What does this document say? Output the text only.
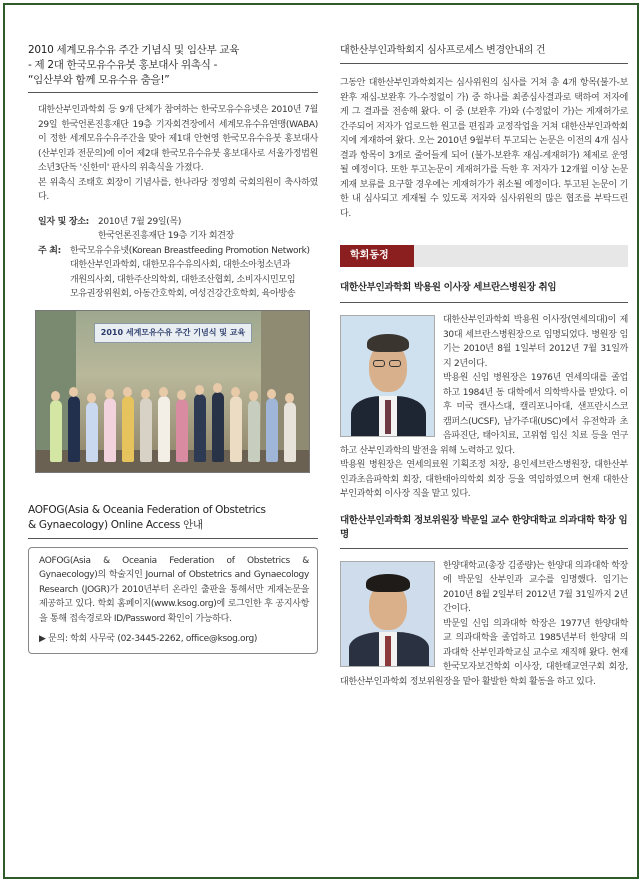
2010 세계모유수유 주간 기념식 및 임산부 교육
- 제 2대 한국모유수유붓 홍보대사 위촉식 -
“임산부와 함께 모유수유 춤을!”
대한산부인과학회 등 9개 단체가 참여하는 한국모유수유넷은 2010년 7월 29일 한국언론진흥재단 19층 기자회견장에서 세계모유수유연맹(WABA)이 정한 세계모유수유주간을 맞아 제1대 안현영 한국모유수유붓 홍보대사(산부인과 전문의)에 이어 제2대 한국모유수유붓 홍보대사로 서울가정법원 소년3단독 '신한미' 판사의 위촉식을 가졌다.
본 위촉식 조태호 회장이 기념사를, 한나라당 정영희 국회의원이 축사하였다.
일자 및 장소:	2010년 7월 29일(목)
한국언론진흥재단 19층 기자 회견장
주 최:	한국모유수유넷(Korean Breastfeeding Promotion Network)
대한산부인과학회, 대한모유수유의사회, 대한소아청소년과
개원의사회, 대한주산의학회, 대한조산협회, 소비자시민모임
모유권장위원회, 아동간호학회, 여성건강간호학회, 육아방송
2010 세계모유수유 주간 기념식 및 교육
AOFOG(Asia & Oceania Federation of Obstetrics
& Gynaecology) Online Access 안내
AOFOG(Asia & Oceania Federation of Obstetrics & Gynaecology)의 학술지인 Journal of Obstetrics and Gynaecology Research (JOGR)가 2010년부터 온라인 출판을 통해서만 게재논문을 제공하고 있다. 학회 홈페이지(www.ksog.org)에 로그인한 후 공지사항을 통해 접속경로와 ID/Password 확인이 가능하다.
▶ 문의: 학회 사무국 (02-3445-2262, office@ksog.org)
대한산부인과학회지 심사프로세스 변경안내의 건
그동안 대한산부인과학회지는 심사위원의 심사를 거쳐 총 4개 항목(불가-보완후 재심-보완후 가-수정없이 가) 중 하나를 최종심사결과로 택하여 저자에게 그 결과를 전송해 왔다. 이 중 (보완후 가)와 (수정없이 가)는 게재허가로 간주되어 저자가 업로드한 원고를 편집과 교정작업을 거쳐 대한산부인과학회지에 게재하여 왔다. 오는 2010년 9월부터 투고되는 논문은 이전의 4개 심사결과 항목이 3개로 줄어들게 되어 (불가-보완후 재심-게재허가) 체제로 운영될 예정이다. 또한 투고논문이 게재허가를 득한 후 저자가 12개월 이상 논문게재 보류를 요구할 경우에는 게재허가가 취소될 예정이다. 투고된 논문이 기한 내 심사되고 게재될 수 있도록 저자와 심사위원의 많은 협조를 부탁드린다.
학회동정
대한산부인과학회 박용원 이사장 세브란스병원장 취임
대한산부인과학회 박용원 이사장(연세의대)이 제30대 세브란스병원장으로 임명되었다. 병원장 임기는 2010년 8월 1일부터 2012년 7월 31일까지 2년이다.
박용원 신임 병원장은 1976년 연세의대를 졸업하고 1984년 동 대학에서 의학박사를 받았다. 이후 미국 캔사스대, 캘리포니아대, 샌프란시스코 캠퍼스(UCSF), 남가주대(USC)에서 유전학과 초음파진단, 태아치료, 고위험 임신 치료 등을 연구하고 산부인과학의 발전을 위해 노력하고 있다.
박용원 병원장은 연세의료원 기획조정 처장, 용인세브란스병원장, 대한산부인과초음파학회 회장, 대한태아의학회 회장 등을 역임하였으며 현재 대한산부인과학회 이사장 직을 맡고 있다.
대한산부인과학회 정보위원장 박문일 교수 한양대학교 의과대학 학장 임명
한양대학교(총장 김종량)는 한양대 의과대학 학장에 박문일 산부인과 교수를 임명했다. 임기는 2010년 8월 2일부터 2012년 7월 31일까지 2년간이다.
박문일 신임 의과대학 학장은 1977년 한양대학교 의과대학을 졸업하고 1985년부터 한양대 의과대학 산부인과학교실 교수로 재직해 왔다. 현재 한국모자보건학회 이사장, 대한태교연구회 회장, 대한산부인과학회 정보위원장을 맡아 활발한 학회 활동을 하고 있다.
